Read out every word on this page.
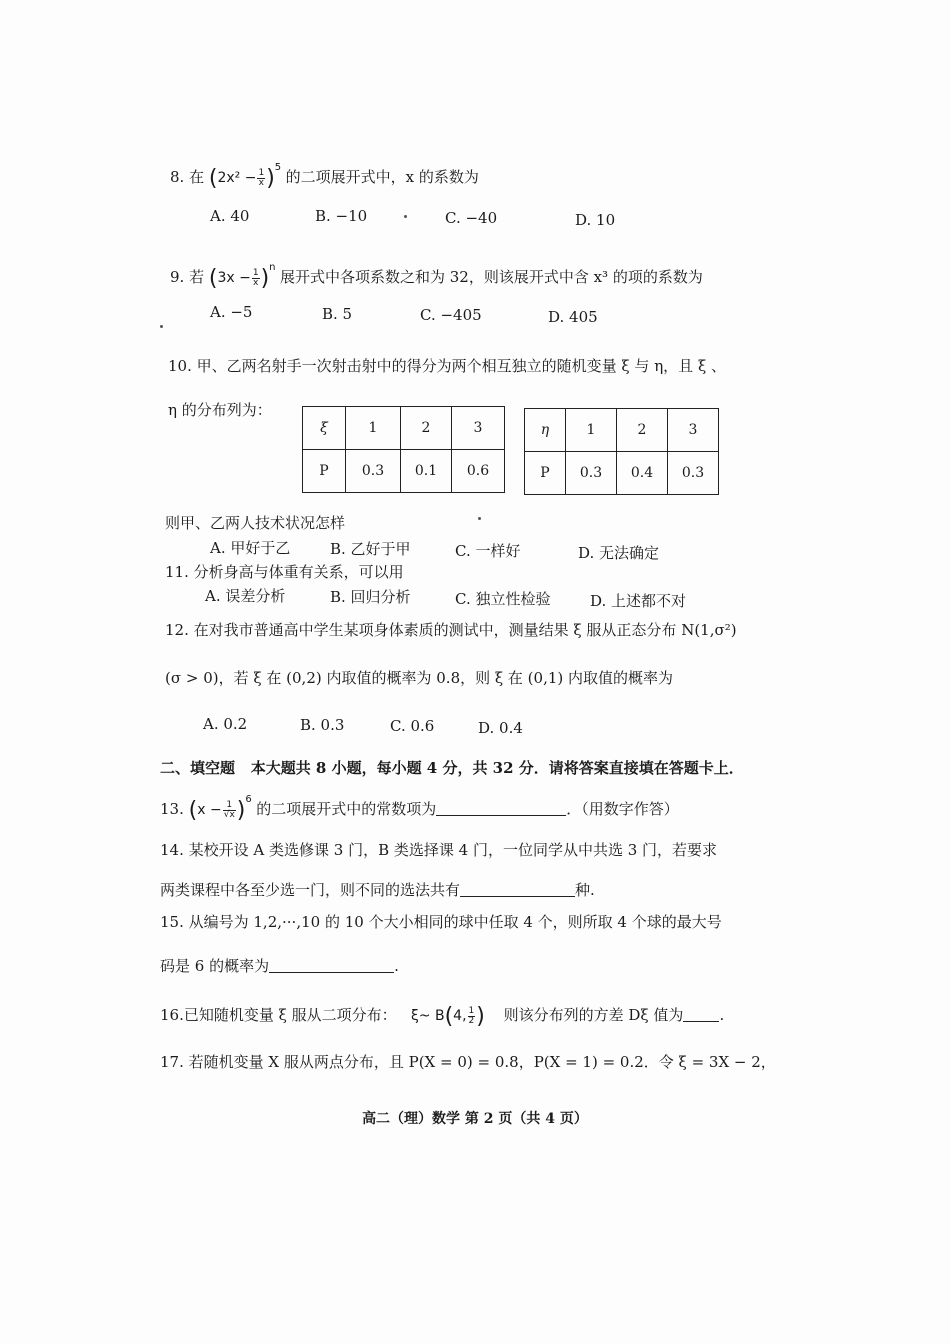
8. 在 $(2x^2 - \frac{1}{x} )^5$ 的二项展开式中，x 的系数为
A. 40	B. −10	C. −40	D. 10
9. 若 $(3x - \frac{1}{x} )^n$ 展开式中各项系数之和为 32，则该展开式中含 x³ 的项的系数为
A. −5	B. 5	C. −405	D. 405
10. 甲、乙两名射手一次射击射中的得分为两个相互独立的随机变量 ξ 与 η，且 ξ 、
η 的分布列为：
ξ	1	2	3
P	0.3	0.1	0.6
η	1	2	3
P	0.3	0.4	0.3
则甲、乙两人技术状况怎样
A. 甲好于乙	B. 乙好于甲	C. 一样好	D. 无法确定
11. 分析身高与体重有关系，可以用
A. 误差分析	B. 回归分析	C. 独立性检验	D. 上述都不对
12. 在对我市普通高中学生某项身体素质的测试中，测量结果 ξ 服从正态分布 N(1,σ²)
(σ > 0)，若 ξ 在 (0,2) 内取值的概率为 0.8，则 ξ 在 (0,1) 内取值的概率为
A. 0.2	B. 0.3	C. 0.6	D. 0.4
二、填空题 本大题共 8 小题，每小题 4 分，共 32 分．请将答案直接填在答题卡上．
13. $(x - \frac{1}{√x} )^6$ 的二项展开式中的常数项为	．（用数字作答）
14. 某校开设 A 类选修课 3 门，B 类选择课 4 门，一位同学从中共选 3 门，若要求
两类课程中各至少选一门，则不同的选法共有	种.
15. 从编号为 1,2,···,10 的 10 个大小相同的球中任取 4 个，则所取 4 个球的最大号
码是 6 的概率为	.
16.已知随机变量 ξ 服从二项分布： ξ~ B(4, $\frac{1}{2}$ ) 则该分布列的方差 Dξ 值为 .
17. 若随机变量 X 服从两点分布，且 P(X = 0) = 0.8，P(X = 1) = 0.2．令 ξ = 3X − 2，
高二（理）数学 第 2 页（共 4 页）
